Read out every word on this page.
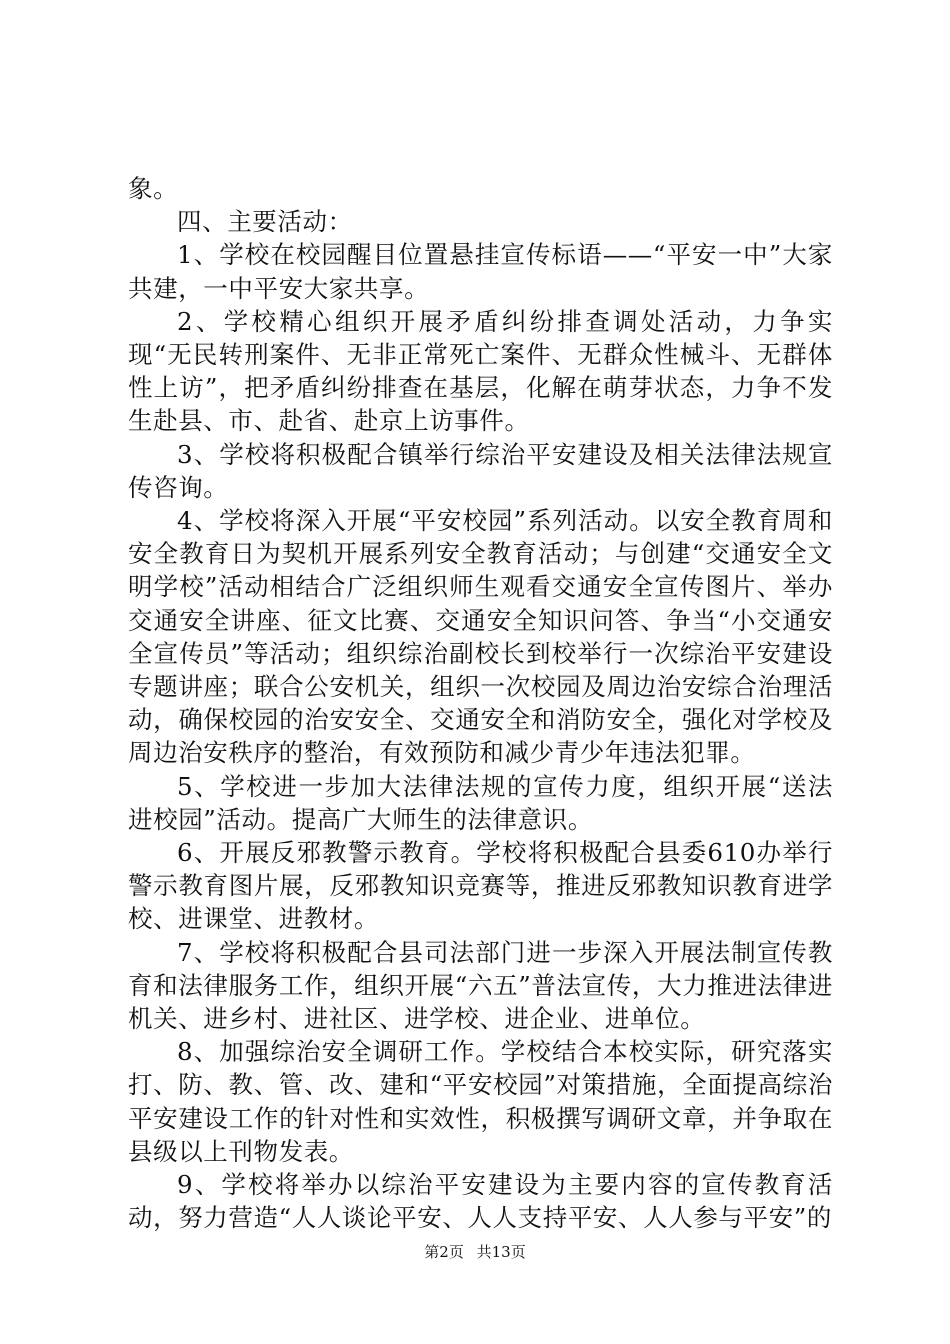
象。

四、主要活动：

1、学校在校园醒目位置悬挂宣传标语——“平安一中”大家共建，一中平安大家共享。

2、学校精心组织开展矛盾纠纷排查调处活动，力争实现“无民转刑案件、无非正常死亡案件、无群众性械斗、无群体性上访”，把矛盾纠纷排查在基层，化解在萌芽状态，力争不发生赴县、市、赴省、赴京上访事件。

3、学校将积极配合镇举行综治平安建设及相关法律法规宣传咨询。

4、学校将深入开展“平安校园”系列活动。以安全教育周和安全教育日为契机开展系列安全教育活动；与创建“交通安全文明学校”活动相结合广泛组织师生观看交通安全宣传图片、举办交通安全讲座、征文比赛、交通安全知识问答、争当“小交通安全宣传员”等活动；组织综治副校长到校举行一次综治平安建设专题讲座；联合公安机关，组织一次校园及周边治安综合治理活动，确保校园的治安安全、交通安全和消防安全，强化对学校及周边治安秩序的整治，有效预防和减少青少年违法犯罪。

5、学校进一步加大法律法规的宣传力度，组织开展“送法进校园”活动。提高广大师生的法律意识。

6、开展反邪教警示教育。学校将积极配合县委610办举行警示教育图片展，反邪教知识竞赛等，推进反邪教知识教育进学校、进课堂、进教材。

7、学校将积极配合县司法部门进一步深入开展法制宣传教育和法律服务工作，组织开展“六五”普法宣传，大力推进法律进机关、进乡村、进社区、进学校、进企业、进单位。

8、加强综治安全调研工作。学校结合本校实际，研究落实打、防、教、管、改、建和“平安校园”对策措施，全面提高综治平安建设工作的针对性和实效性，积极撰写调研文章，并争取在县级以上刊物发表。

9、学校将举办以综治平安建设为主要内容的宣传教育活动，努力营造“人人谈论平安、人人支持平安、人人参与平安”的

第2页 共13页
